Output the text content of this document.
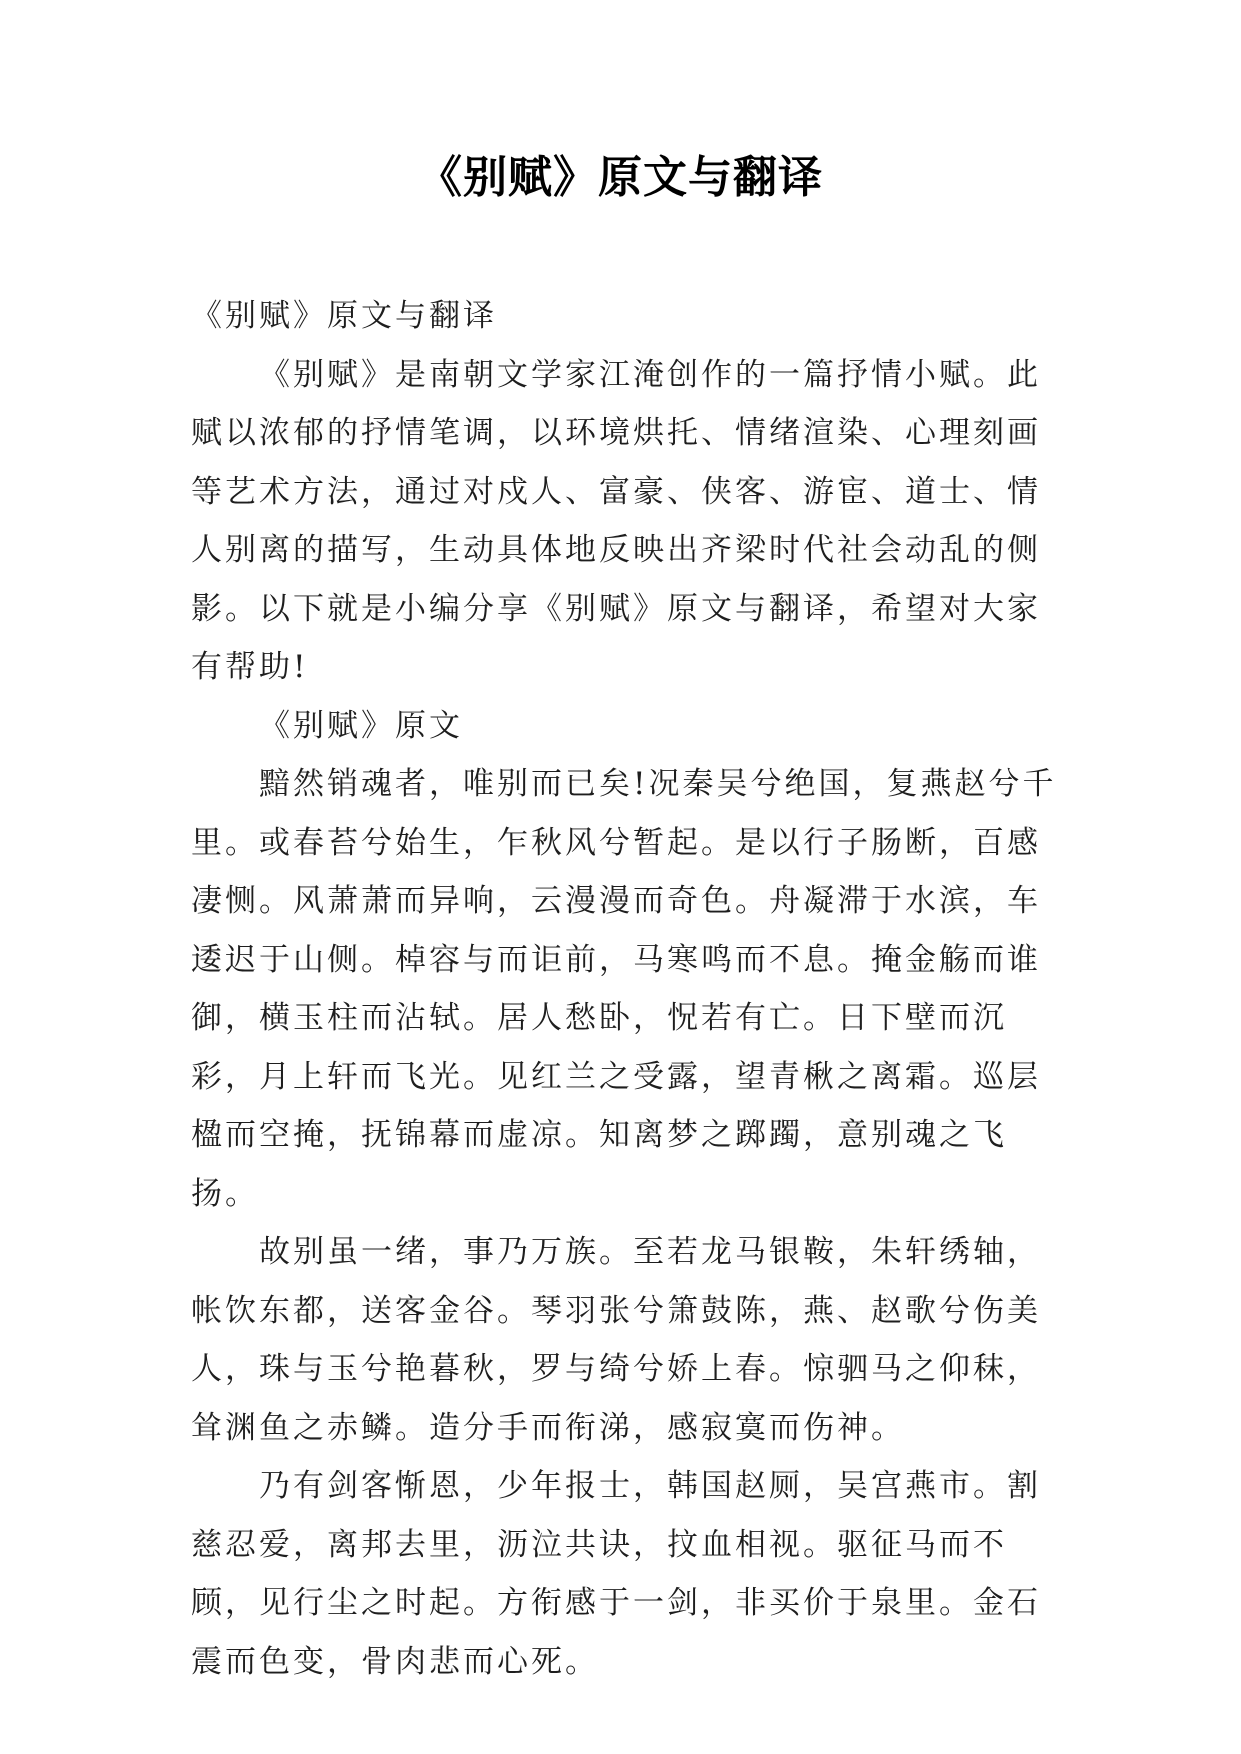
《别赋》原文与翻译

《别赋》原文与翻译

《别赋》是南朝文学家江淹创作的一篇抒情小赋。此赋以浓郁的抒情笔调，以环境烘托、情绪渲染、心理刻画等艺术方法，通过对戍人、富豪、侠客、游宦、道士、情人别离的描写，生动具体地反映出齐梁时代社会动乱的侧影。以下就是小编分享《别赋》原文与翻译，希望对大家有帮助!

《别赋》原文

黯然销魂者，唯别而已矣!况秦吴兮绝国，复燕赵兮千里。或春苔兮始生，乍秋风兮暂起。是以行子肠断，百感凄恻。风萧萧而异响，云漫漫而奇色。舟凝滞于水滨，车逶迟于山侧。棹容与而讵前，马寒鸣而不息。掩金觞而谁御，横玉柱而沾轼。居人愁卧，怳若有亡。日下壁而沉彩，月上轩而飞光。见红兰之受露，望青楸之离霜。巡层楹而空掩，抚锦幕而虚凉。知离梦之踯躅，意别魂之飞扬。

故别虽一绪，事乃万族。至若龙马银鞍，朱轩绣轴，帐饮东都，送客金谷。琴羽张兮箫鼓陈，燕、赵歌兮伤美人，珠与玉兮艳暮秋，罗与绮兮娇上春。惊驷马之仰秣，耸渊鱼之赤鳞。造分手而衔涕，感寂寞而伤神。

乃有剑客惭恩，少年报士，韩国赵厕，吴宫燕市。割慈忍爱，离邦去里，沥泣共诀，抆血相视。驱征马而不顾，见行尘之时起。方衔感于一剑，非买价于泉里。金石震而色变，骨肉悲而心死。
